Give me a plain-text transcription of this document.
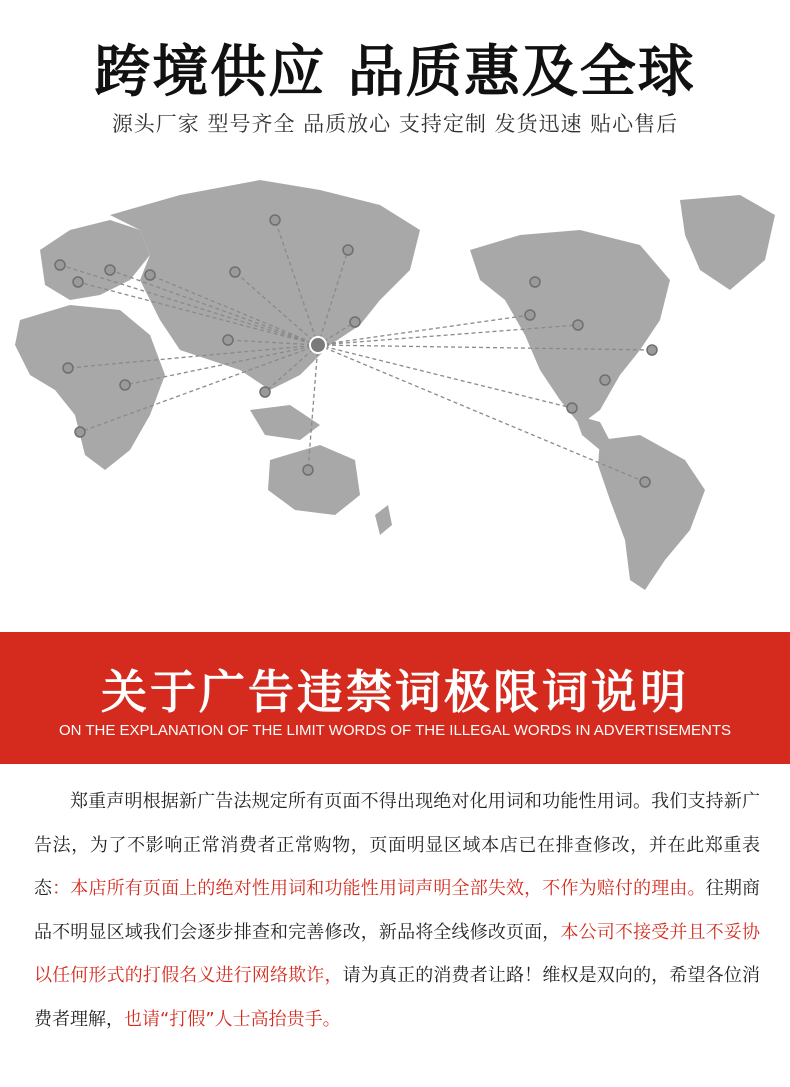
跨境供应 品质惠及全球
源头厂家 型号齐全 品质放心 支持定制 发货迅速 贴心售后
关于广告违禁词极限词说明
ON THE EXPLANATION OF THE LIMIT WORDS OF THE ILLEGAL WORDS IN ADVERTISEMENTS
郑重声明根据新广告法规定所有页面不得出现绝对化用词和功能性用词。我们支持新广告法，为了不影响正常消费者正常购物，页面明显区域本店已在排查修改，并在此郑重表态：本店所有页面上的绝对性用词和功能性用词声明全部失效，不作为赔付的理由。往期商品不明显区域我们会逐步排查和完善修改，新品将全线修改页面，本公司不接受并且不妥协以任何形式的打假名义进行网络欺诈，请为真正的消费者让路！维权是双向的，希望各位消费者理解，也请“打假”人士高抬贵手。
